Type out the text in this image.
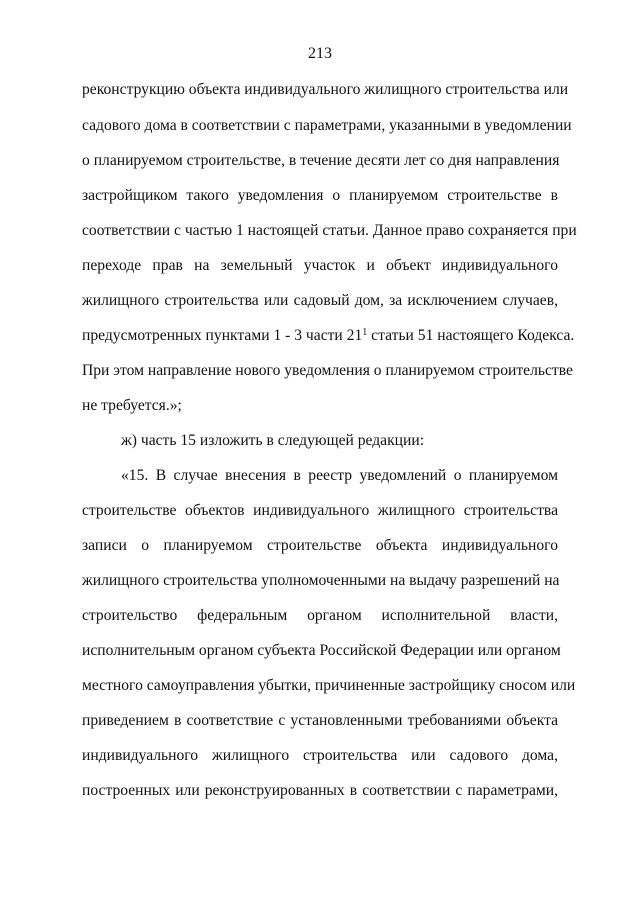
213
реконструкцию объекта индивидуального жилищного строительства или
садового дома в соответствии с параметрами, указанными в уведомлении
о планируемом строительстве, в течение десяти лет со дня направления
застройщиком такого уведомления о планируемом строительстве в
соответствии с частью 1 настоящей статьи. Данное право сохраняется при
переходе прав на земельный участок и объект индивидуального
жилищного строительства или садовый дом, за исключением случаев,
предусмотренных пунктами 1 - 3 части 21$^1$ статьи 51 настоящего Кодекса.
При этом направление нового уведомления о планируемом строительстве
не требуется.»;
ж) часть 15 изложить в следующей редакции:
«15. В случае внесения в реестр уведомлений о планируемом
строительстве объектов индивидуального жилищного строительства
записи о планируемом строительстве объекта индивидуального
жилищного строительства уполномоченными на выдачу разрешений на
строительство федеральным органом исполнительной власти,
исполнительным органом субъекта Российской Федерации или органом
местного самоуправления убытки, причиненные застройщику сносом или
приведением в соответствие с установленными требованиями объекта
индивидуального жилищного строительства или садового дома,
построенных или реконструированных в соответствии с параметрами,
